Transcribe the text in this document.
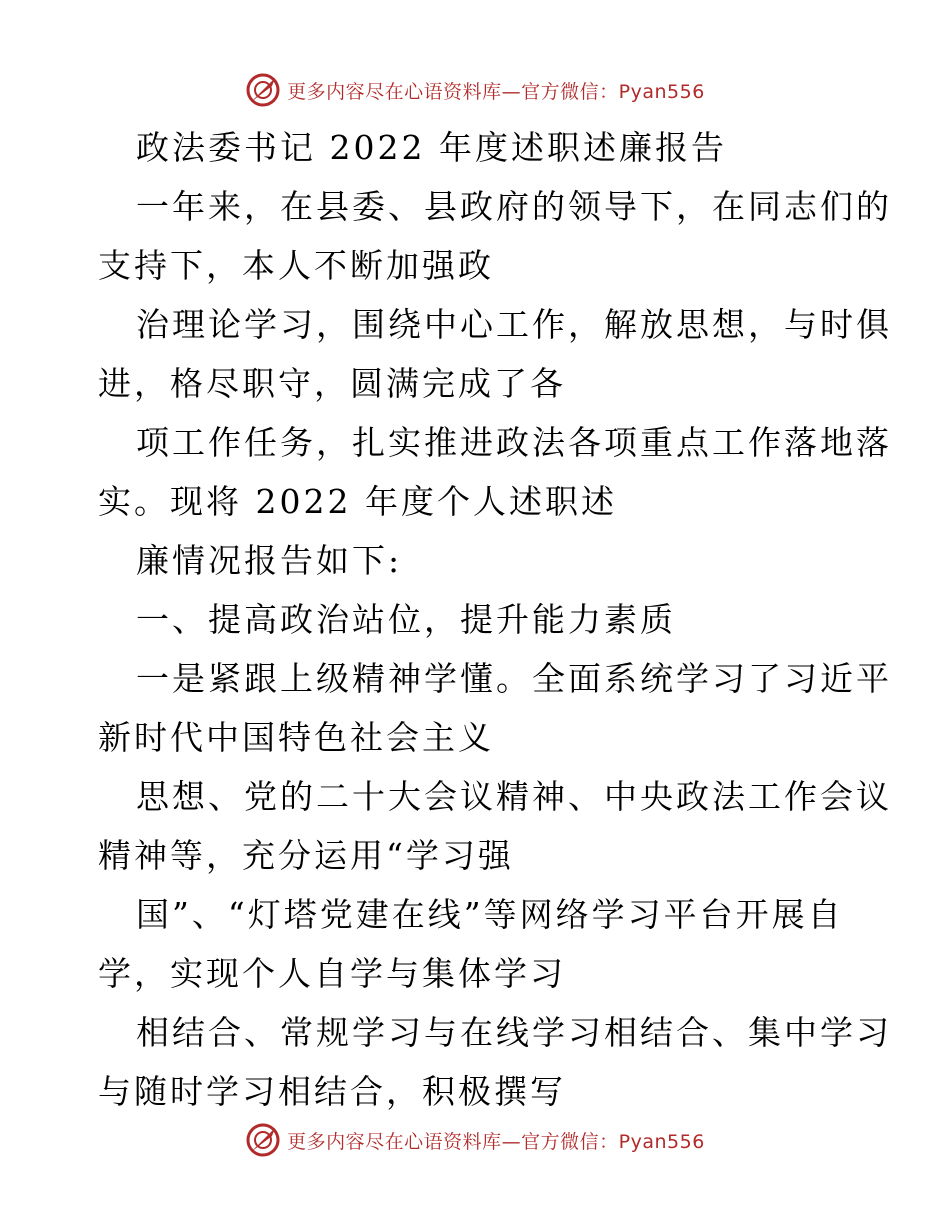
更多内容尽在心语资料库—官方微信：Pyan556
政法委书记 2022 年度述职述廉报告
一年来，在县委、县政府的领导下，在同志们的
支持下，本人不断加强政
治理论学习，围绕中心工作，解放思想，与时俱
进，格尽职守，圆满完成了各
项工作任务，扎实推进政法各项重点工作落地落
实。现将 2022 年度个人述职述
廉情况报告如下:
一、提高政治站位，提升能力素质
一是紧跟上级精神学懂。全面系统学习了习近平
新时代中国特色社会主义
思想、党的二十大会议精神、中央政法工作会议
精神等，充分运用“学习强
国”、“灯塔党建在线”等网络学习平台开展自
学，实现个人自学与集体学习
相结合、常规学习与在线学习相结合、集中学习
与随时学习相结合，积极撰写
更多内容尽在心语资料库—官方微信：Pyan556
